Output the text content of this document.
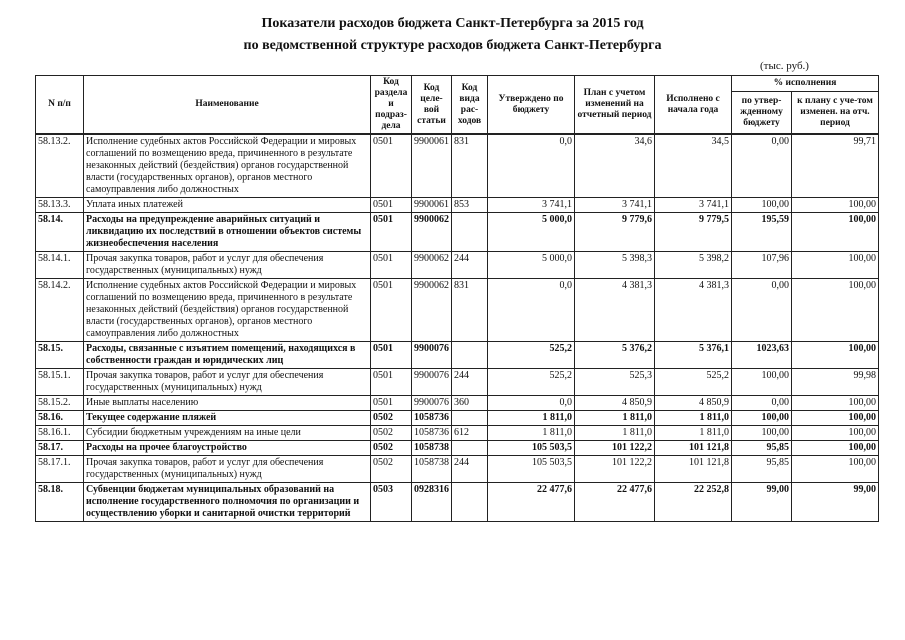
Показатели расходов бюджета Санкт-Петербурга за 2015 год
по ведомственной структуре расходов бюджета Санкт-Петербурга
(тыс. руб.)
N п/п	Наименование	Код раздела и подраз-дела	Код целе-вой статьи	Код вида рас-ходов	Утверждено по бюджету	План с учетом изменений на отчетный период	Исполнено с начала года	% исполнения	
								по утвер-жденному бюджету	к плану с уче-том изменен. на отч. период
58.13.2.	Исполнение судебных актов Российской Федерации и мировых соглашений по возмещению вреда, причиненного в результате незаконных действий (бездействия) органов государственной власти (государственных органов), органов местного самоуправления либо должностных	0501	9900061	831	0,0	34,6	34,5	0,00	99,71
58.13.3.	Уплата иных платежей	0501	9900061	853	3 741,1	3 741,1	3 741,1	100,00	100,00
58.14.	Расходы на предупреждение аварийных ситуаций и ликвидацию их последствий в отношении объектов системы жизнеобеспечения населения	0501	9900062		5 000,0	9 779,6	9 779,5	195,59	100,00
58.14.1.	Прочая закупка товаров, работ и услуг для обеспечения государственных (муниципальных) нужд	0501	9900062	244	5 000,0	5 398,3	5 398,2	107,96	100,00
58.14.2.	Исполнение судебных актов Российской Федерации и мировых соглашений по возмещению вреда, причиненного в результате незаконных действий (бездействия) органов государственной власти (государственных органов), органов местного самоуправления либо должностных	0501	9900062	831	0,0	4 381,3	4 381,3	0,00	100,00
58.15.	Расходы, связанные с изъятием помещений, находящихся в собственности граждан и юридических лиц	0501	9900076		525,2	5 376,2	5 376,1	1023,63	100,00
58.15.1.	Прочая закупка товаров, работ и услуг для обеспечения государственных (муниципальных) нужд	0501	9900076	244	525,2	525,3	525,2	100,00	99,98
58.15.2.	Иные выплаты населению	0501	9900076	360	0,0	4 850,9	4 850,9	0,00	100,00
58.16.	Текущее содержание пляжей	0502	1058736		1 811,0	1 811,0	1 811,0	100,00	100,00
58.16.1.	Субсидии бюджетным учреждениям на иные цели	0502	1058736	612	1 811,0	1 811,0	1 811,0	100,00	100,00
58.17.	Расходы на прочее благоустройство	0502	1058738		105 503,5	101 122,2	101 121,8	95,85	100,00
58.17.1.	Прочая закупка товаров, работ и услуг для обеспечения государственных (муниципальных) нужд	0502	1058738	244	105 503,5	101 122,2	101 121,8	95,85	100,00
58.18.	Субвенции бюджетам муниципальных образований на исполнение государственного полномочия по организации и осуществлению уборки и санитарной очистки территорий	0503	0928316		22 477,6	22 477,6	22 252,8	99,00	99,00
